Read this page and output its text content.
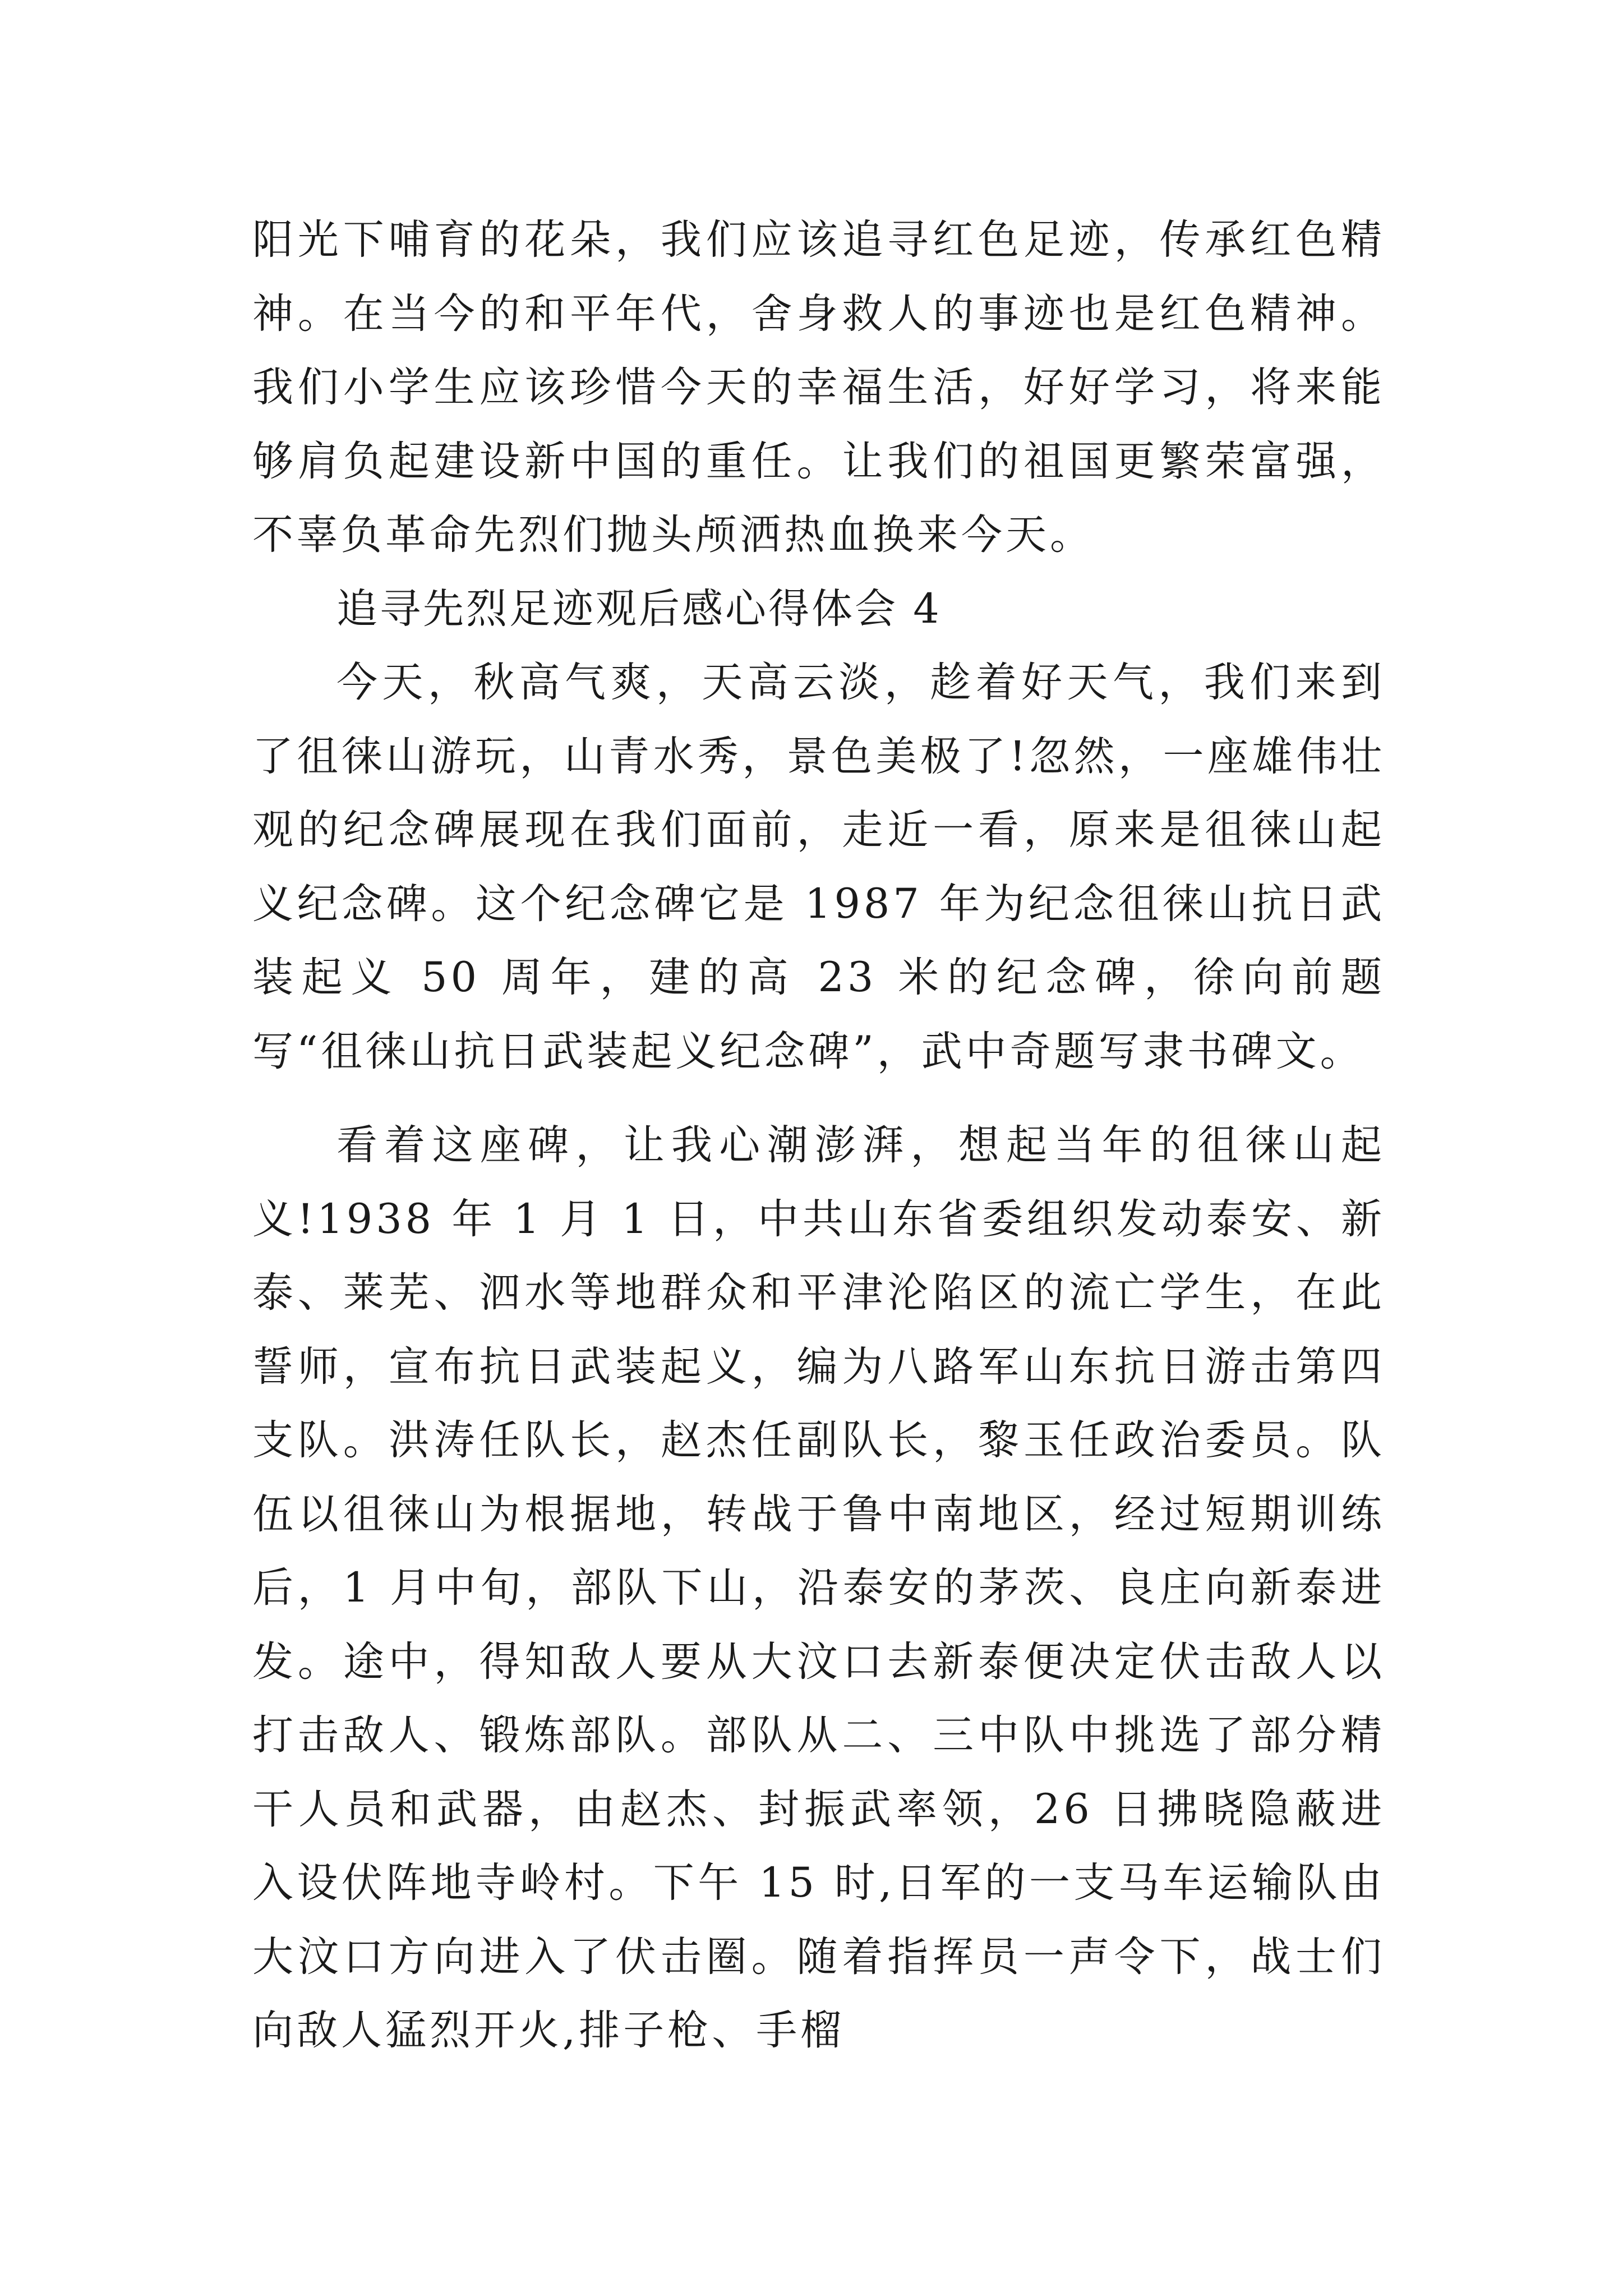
阳光下哺育的花朵，我们应该追寻红色足迹，传承红色精神。在当今的和平年代，舍身救人的事迹也是红色精神。我们小学生应该珍惜今天的幸福生活，好好学习，将来能够肩负起建设新中国的重任。让我们的祖国更繁荣富强，不辜负革命先烈们抛头颅洒热血换来今天。

追寻先烈足迹观后感心得体会 4

今天，秋高气爽，天高云淡，趁着好天气，我们来到了徂徕山游玩，山青水秀，景色美极了!忽然，一座雄伟壮观的纪念碑展现在我们面前，走近一看，原来是徂徕山起义纪念碑。这个纪念碑它是 1987 年为纪念徂徕山抗日武装起义 50 周年，建的高 23 米的纪念碑，徐向前题写“徂徕山抗日武装起义纪念碑”，武中奇题写隶书碑文。

看着这座碑，让我心潮澎湃，想起当年的徂徕山起义!1938 年 1 月 1 日，中共山东省委组织发动泰安、新泰、莱芜、泗水等地群众和平津沦陷区的流亡学生，在此誓师，宣布抗日武装起义，编为八路军山东抗日游击第四支队。洪涛任队长，赵杰任副队长，黎玉任政治委员。队伍以徂徕山为根据地，转战于鲁中南地区，经过短期训练后，1 月中旬，部队下山，沿泰安的茅茨、良庄向新泰进发。途中，得知敌人要从大汶口去新泰便决定伏击敌人以打击敌人、锻炼部队。部队从二、三中队中挑选了部分精干人员和武器，由赵杰、封振武率领，26 日拂晓隐蔽进入设伏阵地寺岭村。下午 15 时,日军的一支马车运输队由大汶口方向进入了伏击圈。随着指挥员一声令下，战士们向敌人猛烈开火,排子枪、手榴
